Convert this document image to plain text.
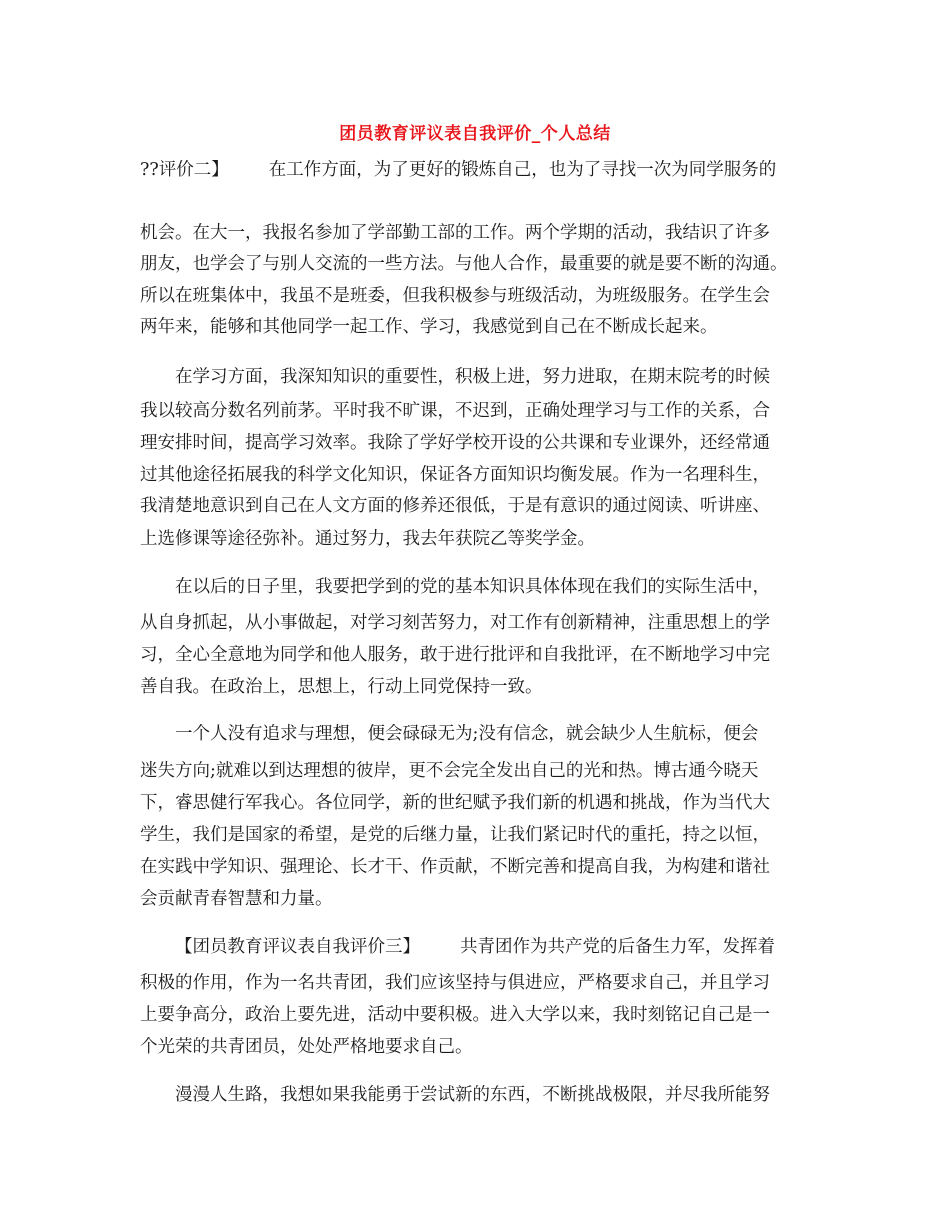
团员教育评议表自我评价_个人总结
??评价二】 在工作方面，为了更好的锻炼自己，也为了寻找一次为同学服务的
机会。在大一，我报名参加了学部勤工部的工作。两个学期的活动，我结识了许多
朋友，也学会了与别人交流的一些方法。与他人合作，最重要的就是要不断的沟通。
所以在班集体中，我虽不是班委，但我积极参与班级活动，为班级服务。在学生会
两年来，能够和其他同学一起工作、学习，我感觉到自己在不断成长起来。
在学习方面，我深知知识的重要性，积极上进，努力进取，在期末院考的时候
我以较高分数名列前茅。平时我不旷课，不迟到，正确处理学习与工作的关系，合
理安排时间，提高学习效率。我除了学好学校开设的公共课和专业课外，还经常通
过其他途径拓展我的科学文化知识，保证各方面知识均衡发展。作为一名理科生，
我清楚地意识到自己在人文方面的修养还很低，于是有意识的通过阅读、听讲座、
上选修课等途径弥补。通过努力，我去年获院乙等奖学金。
在以后的日子里，我要把学到的党的基本知识具体体现在我们的实际生活中，
从自身抓起，从小事做起，对学习刻苦努力，对工作有创新精神，注重思想上的学
习，全心全意地为同学和他人服务，敢于进行批评和自我批评，在不断地学习中完
善自我。在政治上，思想上，行动上同党保持一致。
一个人没有追求与理想，便会碌碌无为;没有信念，就会缺少人生航标，便会
迷失方向;就难以到达理想的彼岸，更不会完全发出自己的光和热。博古通今晓天
下，睿思健行军我心。各位同学，新的世纪赋予我们新的机遇和挑战，作为当代大
学生，我们是国家的希望，是党的后继力量，让我们紧记时代的重托，持之以恒，
在实践中学知识、强理论、长才干、作贡献，不断完善和提高自我，为构建和谐社
会贡献青春智慧和力量。
【团员教育评议表自我评价三】 共青团作为共产党的后备生力军，发挥着
积极的作用，作为一名共青团，我们应该坚持与俱进应，严格要求自己，并且学习
上要争高分，政治上要先进，活动中要积极。进入大学以来，我时刻铭记自己是一
个光荣的共青团员，处处严格地要求自己。
漫漫人生路，我想如果我能勇于尝试新的东西，不断挑战极限，并尽我所能努
